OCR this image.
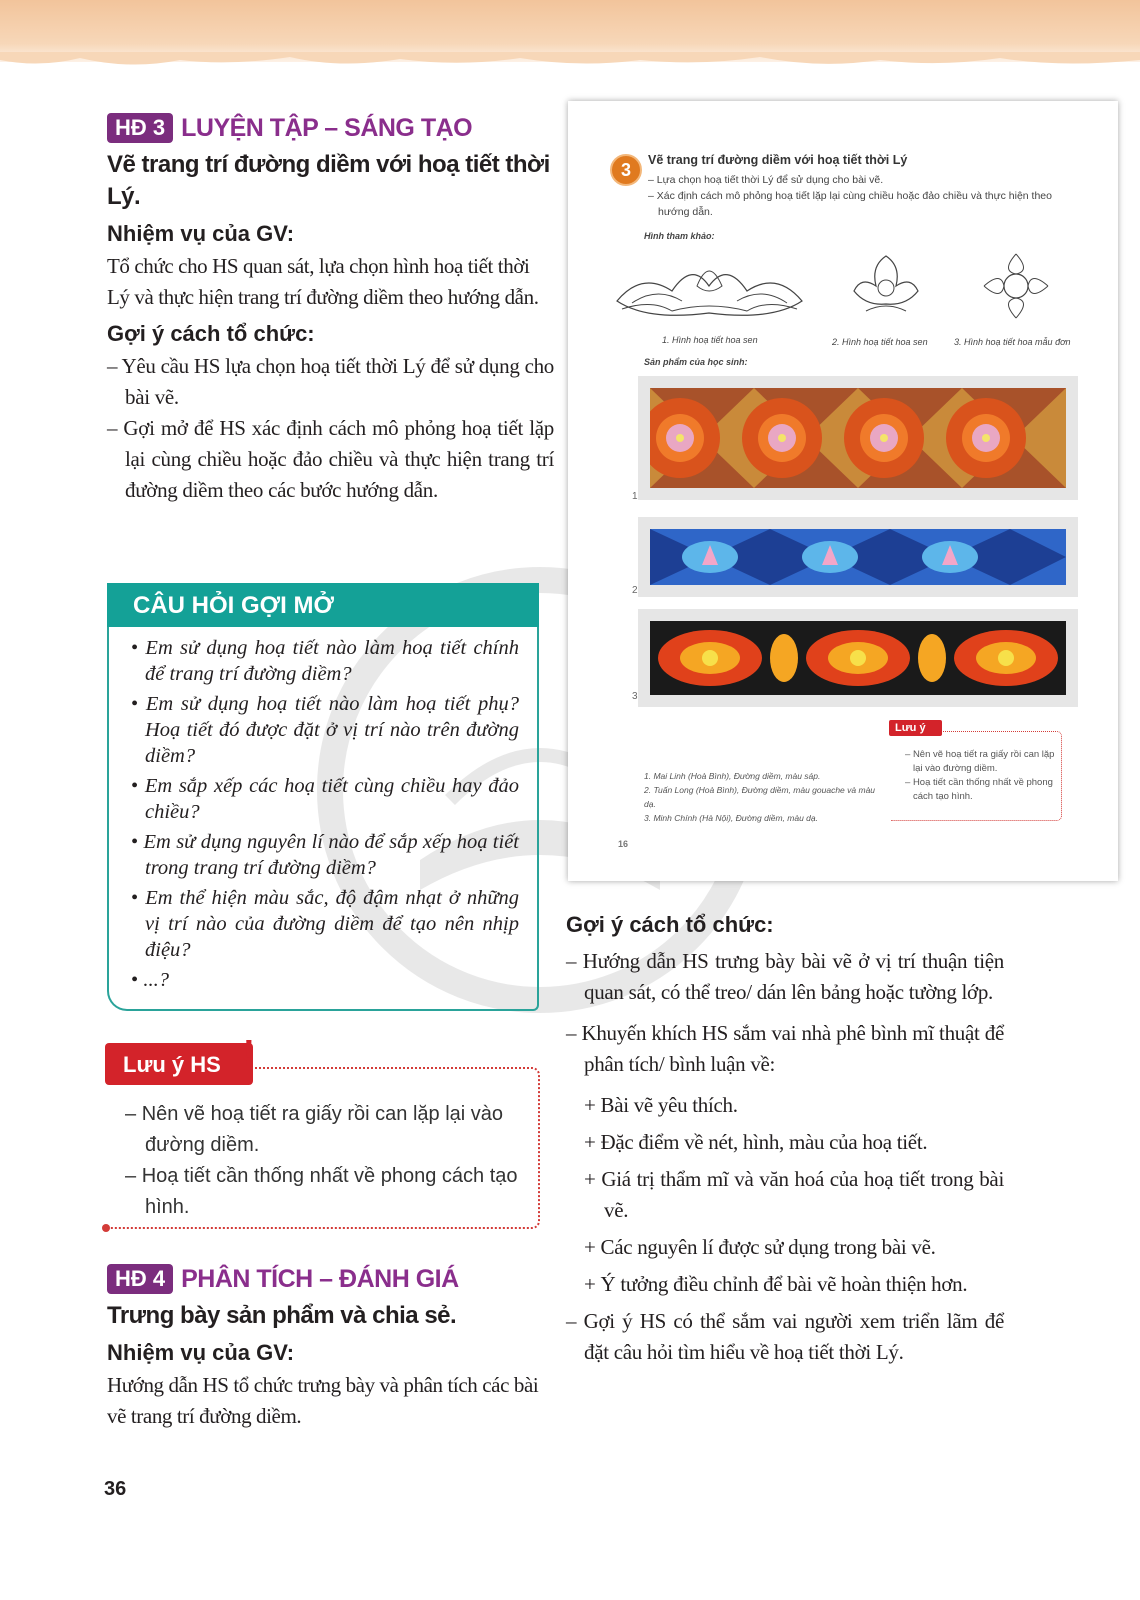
HĐ 3 LUYỆN TẬP – SÁNG TẠO
Vẽ trang trí đường diềm với hoạ tiết thời Lý.
Nhiệm vụ của GV:

Tổ chức cho HS quan sát, lựa chọn hình hoạ tiết thời Lý và thực hiện trang trí đường diềm theo hướng dẫn.

Gợi ý cách tổ chức:
– Yêu cầu HS lựa chọn hoạ tiết thời Lý để sử dụng cho bài vẽ.
– Gợi mở để HS xác định cách mô phỏng hoạ tiết lặp lại cùng chiều hoặc đảo chiều và thực hiện trang trí đường diềm theo các bước hướng dẫn.
CÂU HỎI GỢI MỞ
• Em sử dụng hoạ tiết nào làm hoạ tiết chính để trang trí đường diềm?
• Em sử dụng hoạ tiết nào làm hoạ tiết phụ? Hoạ tiết đó được đặt ở vị trí nào trên đường diềm?
• Em sắp xếp các hoạ tiết cùng chiều hay đảo chiều?
• Em sử dụng nguyên lí nào để sắp xếp hoạ tiết trong trang trí đường diềm?
• Em thể hiện màu sắc, độ đậm nhạt ở những vị trí nào của đường diềm để tạo nên nhịp điệu?
• ...?
Lưu ý HS !
– Nên vẽ hoạ tiết ra giấy rồi can lặp lại vào đường diềm.
– Hoạ tiết cần thống nhất về phong cách tạo hình.
HĐ 4 PHÂN TÍCH – ĐÁNH GIÁ
Trưng bày sản phẩm và chia sẻ.
Nhiệm vụ của GV:

Hướng dẫn HS tổ chức trưng bày và phân tích các bài vẽ trang trí đường diềm.

36
3	Vẽ trang trí đường diềm với hoạ tiết thời Lý
– Lựa chọn hoạ tiết thời Lý để sử dụng cho bài vẽ.
– Xác định cách mô phỏng hoạ tiết lặp lại cùng chiều hoặc đảo chiều và thực hiện theo hướng dẫn.
Hình tham khảo:
1. Hình hoạ tiết hoa sen	2. Hình hoạ tiết hoa sen	3. Hình hoạ tiết hoa mẫu đơn
Sản phẩm của học sinh:
1
2
3
Lưu ý
– Nên vẽ hoạ tiết ra giấy rồi can lặp lại vào đường diềm.
– Hoạ tiết cần thống nhất về phong cách tạo hình.
1. Mai Linh (Hoà Bình), Đường diềm, màu sáp.
2. Tuấn Long (Hoà Bình), Đường diềm, màu gouache và màu dạ.
3. Minh Chính (Hà Nội), Đường diềm, màu dạ.
16
Gợi ý cách tổ chức:
– Hướng dẫn HS trưng bày bài vẽ ở vị trí thuận tiện quan sát, có thể treo/ dán lên bảng hoặc tường lớp.
– Khuyến khích HS sắm vai nhà phê bình mĩ thuật để phân tích/ bình luận về:
+ Bài vẽ yêu thích.
+ Đặc điểm về nét, hình, màu của hoạ tiết.
+ Giá trị thẩm mĩ và văn hoá của hoạ tiết trong bài vẽ.
+ Các nguyên lí được sử dụng trong bài vẽ.
+ Ý tưởng điều chỉnh để bài vẽ hoàn thiện hơn.
– Gợi ý HS có thể sắm vai người xem triển lãm để đặt câu hỏi tìm hiểu về hoạ tiết thời Lý.
